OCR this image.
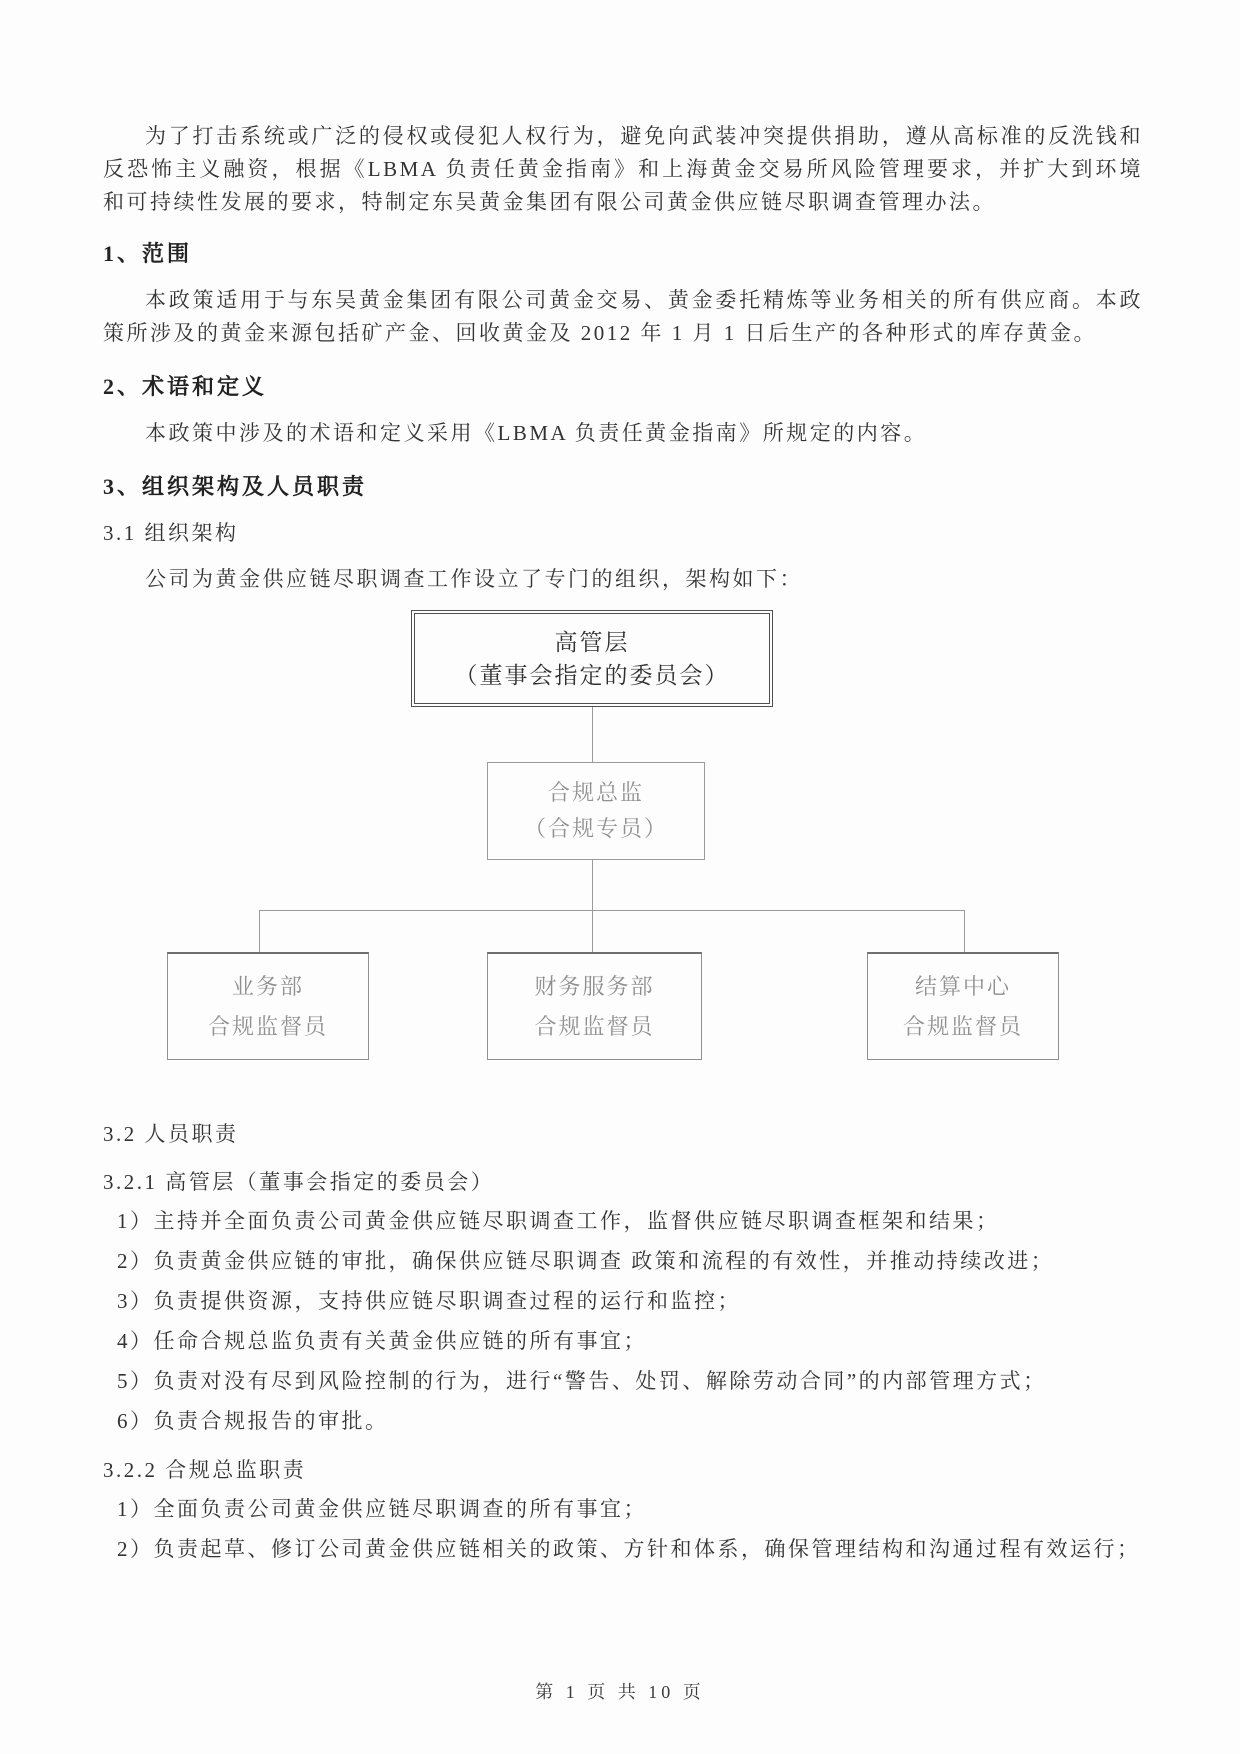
为了打击系统或广泛的侵权或侵犯人权行为，避免向武装冲突提供捐助，遵从高标准的反洗钱和反恐怖主义融资，根据《LBMA 负责任黄金指南》和上海黄金交易所风险管理要求，并扩大到环境和可持续性发展的要求，特制定东吴黄金集团有限公司黄金供应链尽职调查管理办法。

1、范围

本政策适用于与东吴黄金集团有限公司黄金交易、黄金委托精炼等业务相关的所有供应商。本政策所涉及的黄金来源包括矿产金、回收黄金及 2012 年 1 月 1 日后生产的各种形式的库存黄金。

2、术语和定义

本政策中涉及的术语和定义采用《LBMA 负责任黄金指南》所规定的内容。

3、组织架构及人员职责
3.1 组织架构

公司为黄金供应链尽职调查工作设立了专门的组织，架构如下：

高管层
（董事会指定的委员会）
合规总监
（合规专员）
业务部
合规监督员
财务服务部
合规监督员
结算中心
合规监督员
3.2 人员职责
3.2.1 高管层（董事会指定的委员会）
1）主持并全面负责公司黄金供应链尽职调查工作，监督供应链尽职调查框架和结果；
2）负责黄金供应链的审批，确保供应链尽职调查 政策和流程的有效性，并推动持续改进；
3）负责提供资源，支持供应链尽职调查过程的运行和监控；
4）任命合规总监负责有关黄金供应链的所有事宜；
5）负责对没有尽到风险控制的行为，进行“警告、处罚、解除劳动合同”的内部管理方式；
6）负责合规报告的审批。
3.2.2 合规总监职责
1）全面负责公司黄金供应链尽职调查的所有事宜；
2）负责起草、修订公司黄金供应链相关的政策、方针和体系，确保管理结构和沟通过程有效运行；
第 1 页 共 10 页
